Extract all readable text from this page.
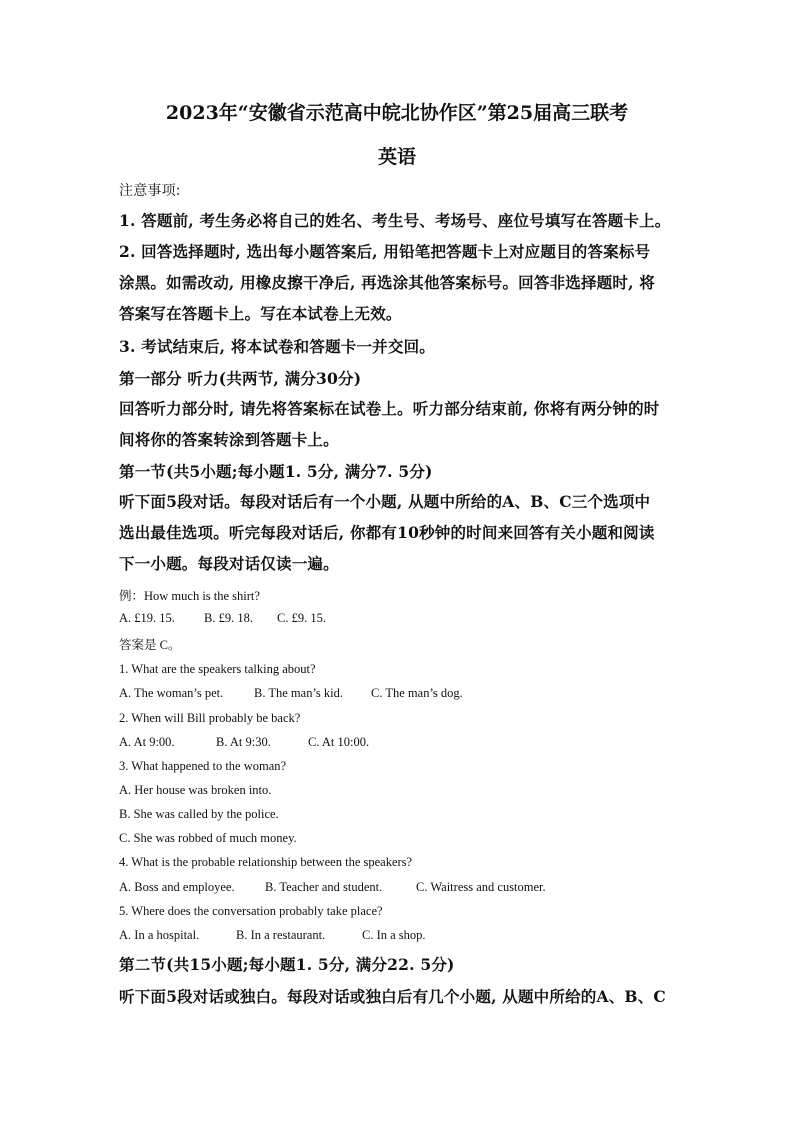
2023年“安徽省示范高中皖北协作区”第25届高三联考
英语
注意事项:
1. 答题前, 考生务必将自己的姓名、考生号、考场号、座位号填写在答题卡上。
2. 回答选择题时, 选出每小题答案后, 用铅笔把答题卡上对应题目的答案标号
涂黑。如需改动, 用橡皮擦干净后, 再选涂其他答案标号。回答非选择题时, 将
答案写在答题卡上。写在本试卷上无效。
3. 考试结束后, 将本试卷和答题卡一并交回。
第一部分 听力(共两节, 满分30分)
回答听力部分时, 请先将答案标在试卷上。听力部分结束前, 你将有两分钟的时
间将你的答案转涂到答题卡上。
第一节(共5小题;每小题1. 5分, 满分7. 5分)
听下面5段对话。每段对话后有一个小题, 从题中所给的A、B、C三个选项中
选出最佳选项。听完每段对话后, 你都有10秒钟的时间来回答有关小题和阅读
下一小题。每段对话仅读一遍。
例：How much is the shirt?
A. £19. 15. B. £9. 18. C. £9. 15.
答案是 C。
1. What are the speakers talking about?
A. The woman’s pet. B. The man’s kid. C. The man’s dog.
2. When will Bill probably be back?
A. At 9:00.	B. At 9:30.	C. At 10:00.
3. What happened to the woman?
A. Her house was broken into.
B. She was called by the police.
C. She was robbed of much money.
4. What is the probable relationship between the speakers?
A. Boss and employee. B. Teacher and student.	C. Waitress and customer.
5. Where does the conversation probably take place?
A. In a hospital.	B. In a restaurant.	C. In a shop.
第二节(共15小题;每小题1. 5分, 满分22. 5分)
听下面5段对话或独白。每段对话或独白后有几个小题, 从题中所给的A、B、C
